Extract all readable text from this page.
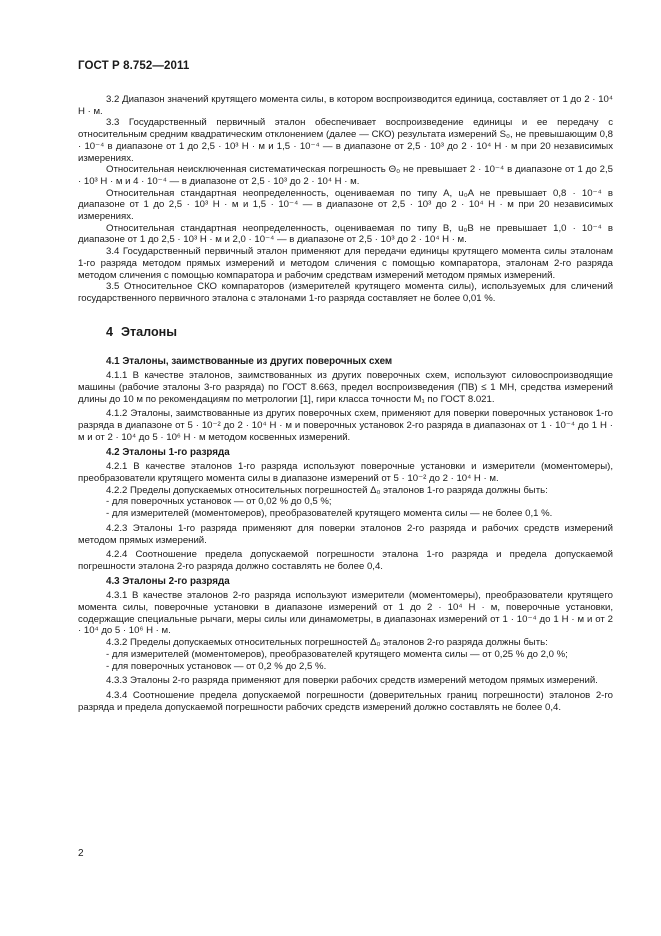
ГОСТ Р 8.752—2011

3.2 Диапазон значений крутящего момента силы, в котором воспроизводится единица, составляет от 1 до 2 · 10⁴ Н · м.

3.3 Государственный первичный эталон обеспечивает воспроизведение единицы и ее передачу с относительным средним квадратическим отклонением (далее — СКО) результата измерений S₀, не превышающим 0,8 · 10⁻⁴ в диапазоне от 1 до 2,5 · 10³ Н · м и 1,5 · 10⁻⁴ — в диапазоне от 2,5 · 10³ до 2 · 10⁴ Н · м при 20 независимых измерениях.

Относительная неисключенная систематическая погрешность Θ₀ не превышает 2 · 10⁻⁴ в диапазоне от 1 до 2,5 · 10³ Н · м и 4 · 10⁻⁴ — в диапазоне от 2,5 · 10³ до 2 · 10⁴ Н · м.

Относительная стандартная неопределенность, оцениваемая по типу А, u₀A не превышает 0,8 · 10⁻⁴ в диапазоне от 1 до 2,5 · 10³ Н · м и 1,5 · 10⁻⁴ — в диапазоне от 2,5 · 10³ до 2 · 10⁴ Н · м при 20 независимых измерениях.

Относительная стандартная неопределенность, оцениваемая по типу В, u₀B не превышает 1,0 · 10⁻⁴ в диапазоне от 1 до 2,5 · 10³ Н · м и 2,0 · 10⁻⁴ — в диапазоне от 2,5 · 10³ до 2 · 10⁴ Н · м.

3.4 Государственный первичный эталон применяют для передачи единицы крутящего момента силы эталонам 1-го разряда методом прямых измерений и методом сличения с помощью компаратора, эталонам 2-го разряда методом сличения с помощью компаратора и рабочим средствам измерений методом прямых измерений.

3.5 Относительное СКО компараторов (измерителей крутящего момента силы), используемых для сличений государственного первичного эталона с эталонами 1-го разряда составляет не более 0,01 %.

4 Эталоны
4.1 Эталоны, заимствованные из других поверочных схем

4.1.1 В качестве эталонов, заимствованных из других поверочных схем, используют силовоспроизводящие машины (рабочие эталоны 3-го разряда) по ГОСТ 8.663, предел воспроизведения (ПВ) ≤ 1 МН, средства измерений длины до 10 м по рекомендациям по метрологии [1], гири класса точности M₁ по ГОСТ 8.021.

4.1.2 Эталоны, заимствованные из других поверочных схем, применяют для поверки поверочных установок 1-го разряда в диапазоне от 5 · 10⁻² до 2 · 10⁴ Н · м и поверочных установок 2-го разряда в диапазонах от 1 · 10⁻⁴ до 1 Н · м и от 2 · 10⁴ до 5 · 10⁶ Н · м методом косвенных измерений.

4.2 Эталоны 1-го разряда

4.2.1 В качестве эталонов 1-го разряда используют поверочные установки и измерители (моментомеры), преобразователи крутящего момента силы в диапазоне измерений от 5 · 10⁻² до 2 · 10⁴ Н · м.

4.2.2 Пределы допускаемых относительных погрешностей Δ₀ эталонов 1-го разряда должны быть:

- для поверочных установок — от 0,02 % до 0,5 %;

- для измерителей (моментомеров), преобразователей крутящего момента силы — не более 0,1 %.

4.2.3 Эталоны 1-го разряда применяют для поверки эталонов 2-го разряда и рабочих средств измерений методом прямых измерений.

4.2.4 Соотношение предела допускаемой погрешности эталона 1-го разряда и предела допускаемой погрешности эталона 2-го разряда должно составлять не более 0,4.

4.3 Эталоны 2-го разряда

4.3.1 В качестве эталонов 2-го разряда используют измерители (моментомеры), преобразователи крутящего момента силы, поверочные установки в диапазоне измерений от 1 до 2 · 10⁴ Н · м, поверочные установки, содержащие специальные рычаги, меры силы или динамометры, в диапазонах измерений от 1 · 10⁻⁴ до 1 Н · м и от 2 · 10⁴ до 5 · 10⁶ Н · м.

4.3.2 Пределы допускаемых относительных погрешностей Δ₀ эталонов 2-го разряда должны быть:

- для измерителей (моментомеров), преобразователей крутящего момента силы — от 0,25 % до 2,0 %;

- для поверочных установок — от 0,2 % до 2,5 %.

4.3.3 Эталоны 2-го разряда применяют для поверки рабочих средств измерений методом прямых измерений.

4.3.4 Соотношение предела допускаемой погрешности (доверительных границ погрешности) эталонов 2-го разряда и предела допускаемой погрешности рабочих средств измерений должно составлять не более 0,4.

2
